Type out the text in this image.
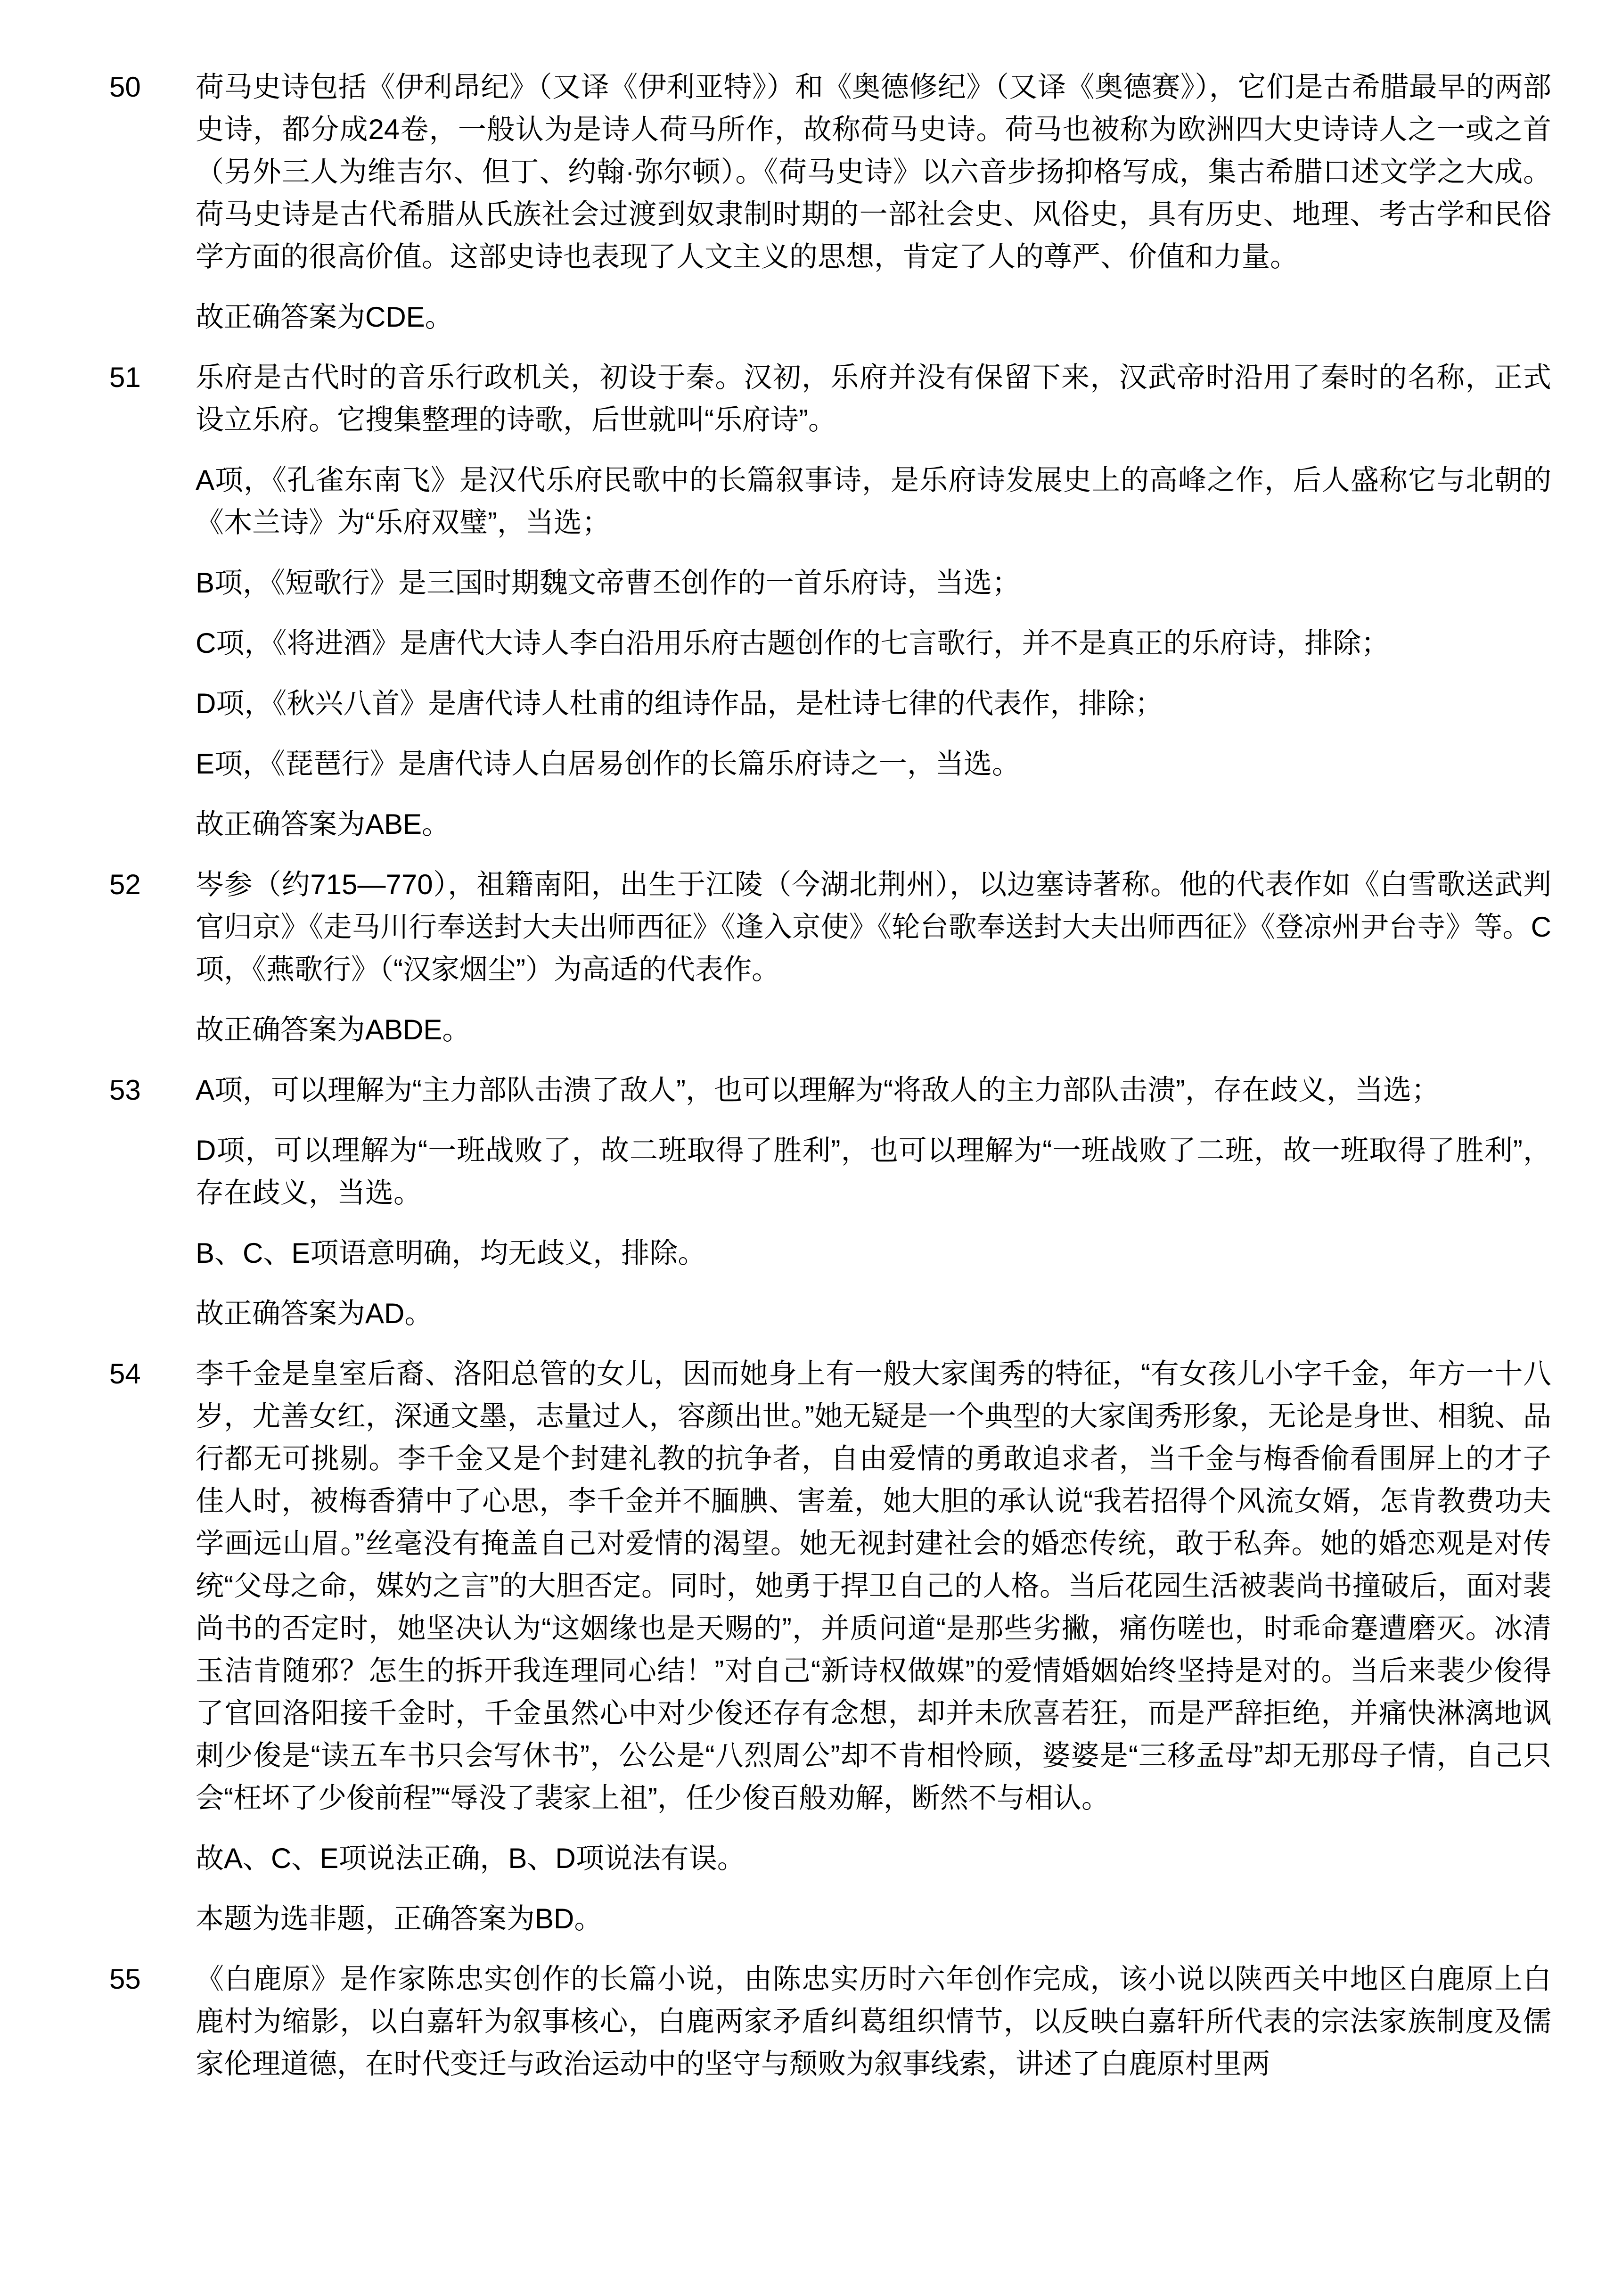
50	荷马史诗包括《伊利昂纪》（又译《伊利亚特》）和《奥德修纪》（又译《奥德赛》），它们是古希腊最早的两部史诗，都分成24卷，一般认为是诗人荷马所作，故称荷马史诗。荷马也被称为欧洲四大史诗诗人之一或之首（另外三人为维吉尔、但丁、约翰·弥尔顿）。《荷马史诗》以六音步扬抑格写成，集古希腊口述文学之大成。荷马史诗是古代希腊从氏族社会过渡到奴隶制时期的一部社会史、风俗史，具有历史、地理、考古学和民俗学方面的很高价值。这部史诗也表现了人文主义的思想，肯定了人的尊严、价值和力量。

故正确答案为CDE。

51	乐府是古代时的音乐行政机关，初设于秦。汉初，乐府并没有保留下来，汉武帝时沿用了秦时的名称，正式设立乐府。它搜集整理的诗歌，后世就叫“乐府诗”。

A项，《孔雀东南飞》是汉代乐府民歌中的长篇叙事诗，是乐府诗发展史上的高峰之作，后人盛称它与北朝的《木兰诗》为“乐府双璧”，当选；

B项，《短歌行》是三国时期魏文帝曹丕创作的一首乐府诗，当选；

C项，《将进酒》是唐代大诗人李白沿用乐府古题创作的七言歌行，并不是真正的乐府诗，排除；

D项，《秋兴八首》是唐代诗人杜甫的组诗作品，是杜诗七律的代表作，排除；

E项，《琵琶行》是唐代诗人白居易创作的长篇乐府诗之一，当选。

故正确答案为ABE。

52	岑参（约715—770），祖籍南阳，出生于江陵（今湖北荆州），以边塞诗著称。他的代表作如《白雪歌送武判官归京》《走马川行奉送封大夫出师西征》《逢入京使》《轮台歌奉送封大夫出师西征》《登凉州尹台寺》等。C项，《燕歌行》（“汉家烟尘”）为高适的代表作。

故正确答案为ABDE。

53	A项，可以理解为“主力部队击溃了敌人”，也可以理解为“将敌人的主力部队击溃”，存在歧义，当选；

D项，可以理解为“一班战败了，故二班取得了胜利”，也可以理解为“一班战败了二班，故一班取得了胜利”，存在歧义，当选。

B、C、E项语意明确，均无歧义，排除。

故正确答案为AD。

54	李千金是皇室后裔、洛阳总管的女儿，因而她身上有一般大家闺秀的特征，“有女孩儿小字千金，年方一十八岁，尤善女红，深通文墨，志量过人，容颜出世。”她无疑是一个典型的大家闺秀形象，无论是身世、相貌、品行都无可挑剔。李千金又是个封建礼教的抗争者，自由爱情的勇敢追求者，当千金与梅香偷看围屏上的才子佳人时，被梅香猜中了心思，李千金并不腼腆、害羞，她大胆的承认说“我若招得个风流女婿，怎肯教费功夫学画远山眉。”丝毫没有掩盖自己对爱情的渴望。她无视封建社会的婚恋传统，敢于私奔。她的婚恋观是对传统“父母之命，媒妁之言”的大胆否定。同时，她勇于捍卫自己的人格。当后花园生活被裴尚书撞破后，面对裴尚书的否定时，她坚决认为“这姻缘也是天赐的”，并质问道“是那些劣撇，痛伤嗟也，时乖命蹇遭磨灭。冰清玉洁肯随邪？怎生的拆开我连理同心结！”对自己“新诗权做媒”的爱情婚姻始终坚持是对的。当后来裴少俊得了官回洛阳接千金时，千金虽然心中对少俊还存有念想，却并未欣喜若狂，而是严辞拒绝，并痛快淋漓地讽刺少俊是“读五车书只会写休书”，公公是“八烈周公”却不肯相怜顾，婆婆是“三移孟母”却无那母子情，自己只会“枉坏了少俊前程”“辱没了裴家上祖”，任少俊百般劝解，断然不与相认。

故A、C、E项说法正确，B、D项说法有误。

本题为选非题，正确答案为BD。

55	《白鹿原》是作家陈忠实创作的长篇小说，由陈忠实历时六年创作完成，该小说以陕西关中地区白鹿原上白鹿村为缩影，以白嘉轩为叙事核心，白鹿两家矛盾纠葛组织情节，以反映白嘉轩所代表的宗法家族制度及儒家伦理道德，在时代变迁与政治运动中的坚守与颓败为叙事线索，讲述了白鹿原村里两
